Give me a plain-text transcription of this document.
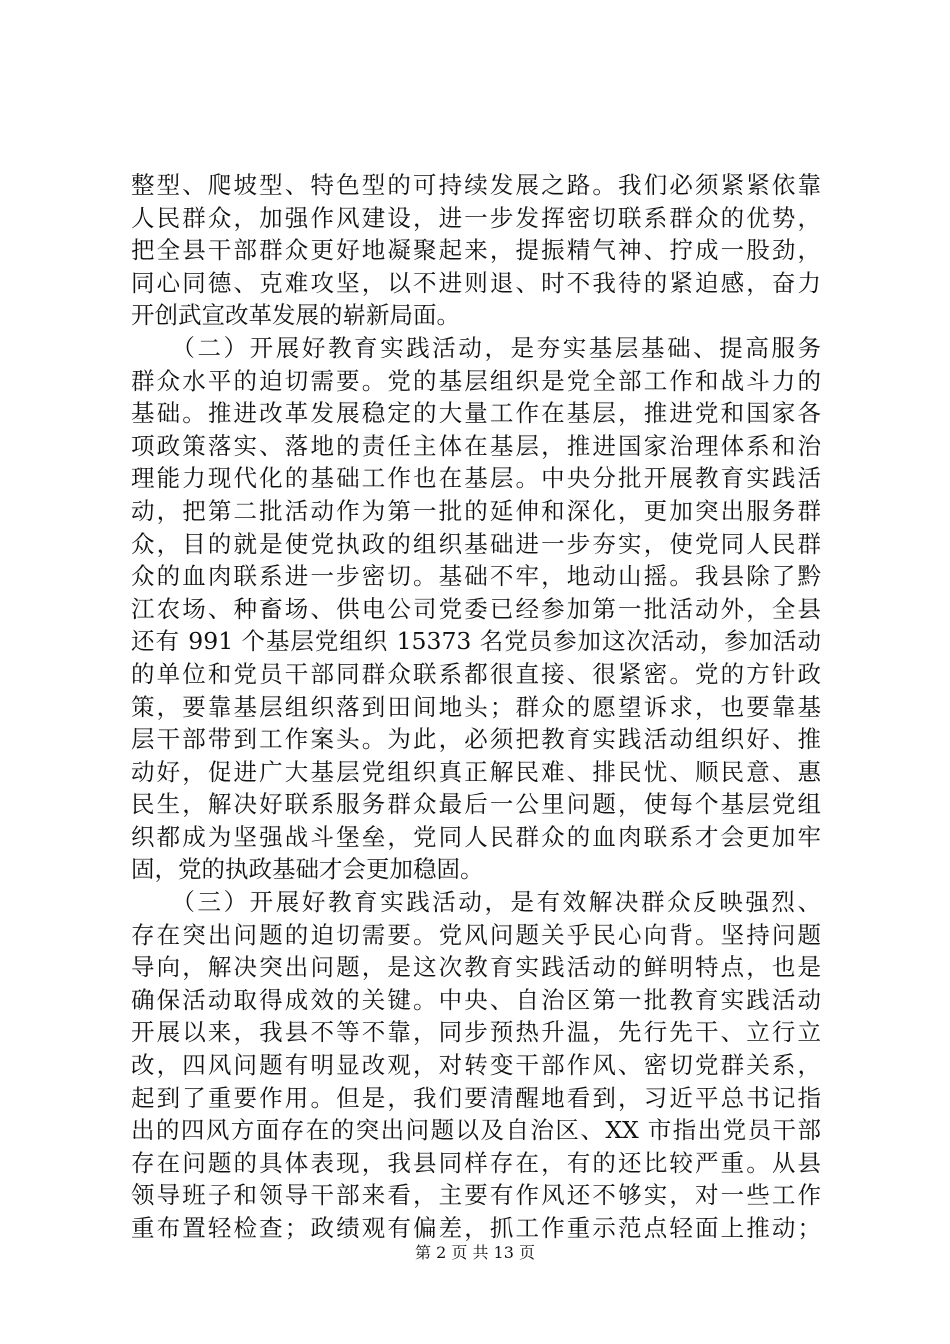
整型、爬坡型、特色型的可持续发展之路。我们必须紧紧依靠
人民群众，加强作风建设，进一步发挥密切联系群众的优势，
把全县干部群众更好地凝聚起来，提振精气神、拧成一股劲，
同心同德、克难攻坚，以不进则退、时不我待的紧迫感，奋力
开创武宣改革发展的崭新局面。
　　（二）开展好教育实践活动，是夯实基层基础、提高服务
群众水平的迫切需要。党的基层组织是党全部工作和战斗力的
基础。推进改革发展稳定的大量工作在基层，推进党和国家各
项政策落实、落地的责任主体在基层，推进国家治理体系和治
理能力现代化的基础工作也在基层。中央分批开展教育实践活
动，把第二批活动作为第一批的延伸和深化，更加突出服务群
众，目的就是使党执政的组织基础进一步夯实，使党同人民群
众的血肉联系进一步密切。基础不牢，地动山摇。我县除了黔
江农场、种畜场、供电公司党委已经参加第一批活动外，全县
还有 991 个基层党组织 15373 名党员参加这次活动，参加活动
的单位和党员干部同群众联系都很直接、很紧密。党的方针政
策，要靠基层组织落到田间地头；群众的愿望诉求，也要靠基
层干部带到工作案头。为此，必须把教育实践活动组织好、推
动好，促进广大基层党组织真正解民难、排民忧、顺民意、惠
民生，解决好联系服务群众最后一公里问题，使每个基层党组
织都成为坚强战斗堡垒，党同人民群众的血肉联系才会更加牢
固，党的执政基础才会更加稳固。
　　（三）开展好教育实践活动，是有效解决群众反映强烈、
存在突出问题的迫切需要。党风问题关乎民心向背。坚持问题
导向，解决突出问题，是这次教育实践活动的鲜明特点，也是
确保活动取得成效的关键。中央、自治区第一批教育实践活动
开展以来，我县不等不靠，同步预热升温，先行先干、立行立
改，四风问题有明显改观，对转变干部作风、密切党群关系，
起到了重要作用。但是，我们要清醒地看到，习近平总书记指
出的四风方面存在的突出问题以及自治区、XX 市指出党员干部
存在问题的具体表现，我县同样存在，有的还比较严重。从县
领导班子和领导干部来看，主要有作风还不够实，对一些工作
重布置轻检查；政绩观有偏差，抓工作重示范点轻面上推动；
第 2 页 共 13 页
